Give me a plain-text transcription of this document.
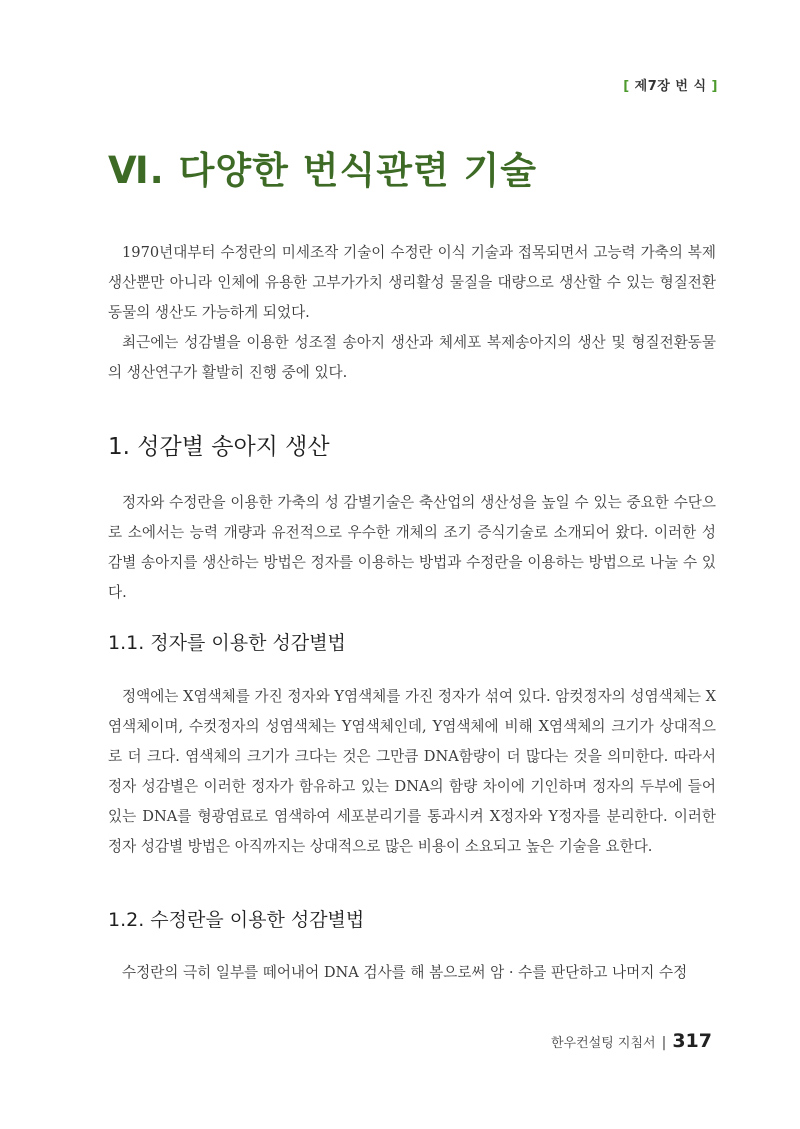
[ 제7장 번 식 ]
Ⅵ. 다양한 번식관련 기술

1970년대부터 수정란의 미세조작 기술이 수정란 이식 기술과 접목되면서 고능력 가축의 복제생산뿐만 아니라 인체에 유용한 고부가가치 생리활성 물질을 대량으로 생산할 수 있는 형질전환동물의 생산도 가능하게 되었다.

최근에는 성감별을 이용한 성조절 송아지 생산과 체세포 복제송아지의 생산 및 형질전환동물의 생산연구가 활발히 진행 중에 있다.

1. 성감별 송아지 생산

정자와 수정란을 이용한 가축의 성 감별기술은 축산업의 생산성을 높일 수 있는 중요한 수단으로 소에서는 능력 개량과 유전적으로 우수한 개체의 조기 증식기술로 소개되어 왔다. 이러한 성감별 송아지를 생산하는 방법은 정자를 이용하는 방법과 수정란을 이용하는 방법으로 나눌 수 있다.

1.1. 정자를 이용한 성감별법

정액에는 X염색체를 가진 정자와 Y염색체를 가진 정자가 섞여 있다. 암컷정자의 성염색체는 X염색체이며, 수컷정자의 성염색체는 Y염색체인데, Y염색체에 비해 X염색체의 크기가 상대적으로 더 크다. 염색체의 크기가 크다는 것은 그만큼 DNA함량이 더 많다는 것을 의미한다. 따라서 정자 성감별은 이러한 정자가 함유하고 있는 DNA의 함량 차이에 기인하며 정자의 두부에 들어 있는 DNA를 형광염료로 염색하여 세포분리기를 통과시켜 X정자와 Y정자를 분리한다. 이러한 정자 성감별 방법은 아직까지는 상대적으로 많은 비용이 소요되고 높은 기술을 요한다.

1.2. 수정란을 이용한 성감별법

수정란의 극히 일부를 떼어내어 DNA 검사를 해 봄으로써 암 · 수를 판단하고 나머지 수정

한우컨설팅 지침서 | 317
